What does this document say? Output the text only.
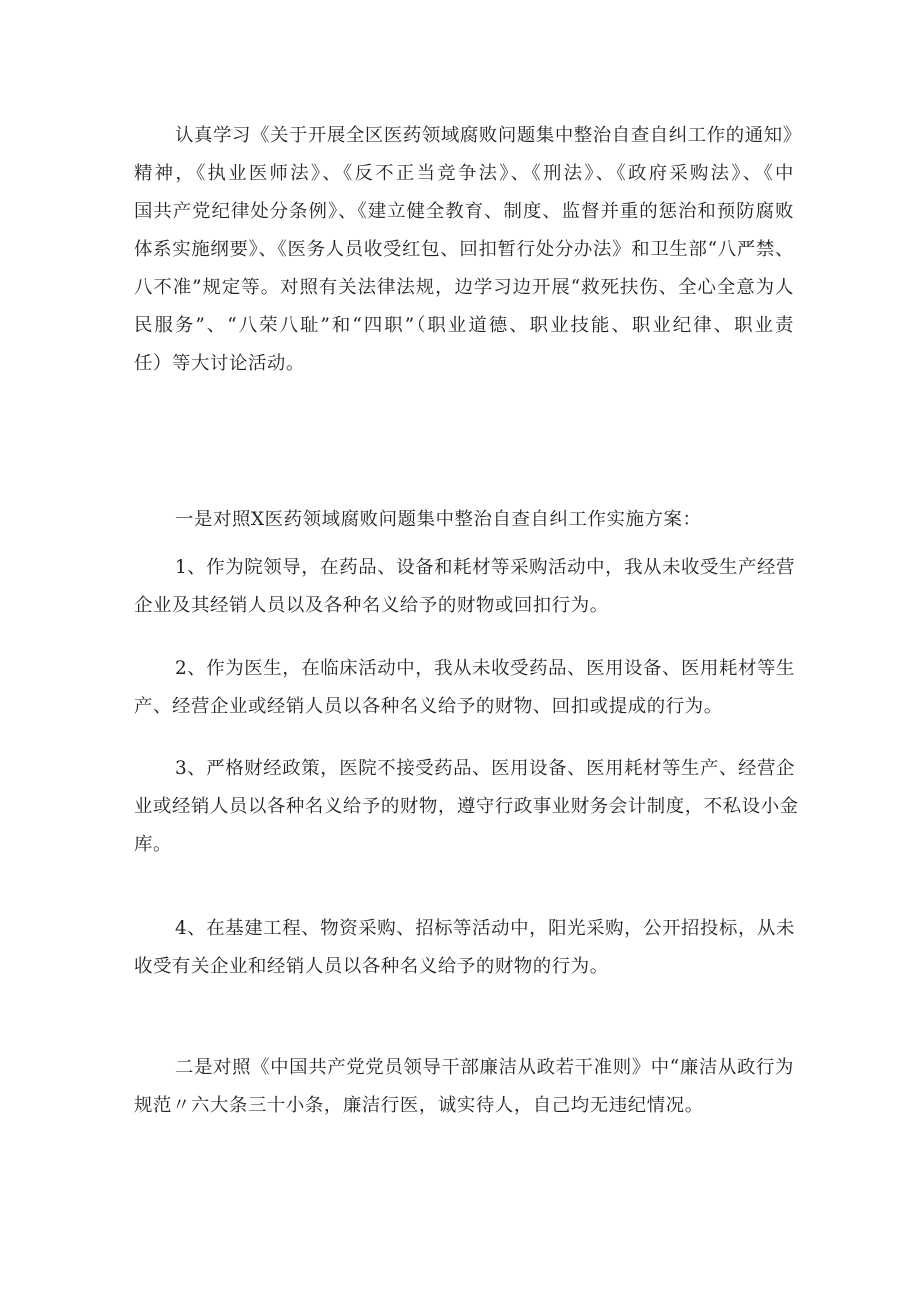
认真学习《关于开展全区医药领域腐败问题集中整治自查自纠工作的通知》
精神，《执业医师法》、《反不正当竞争法》、《刑法》、《政府采购法》、《中
国共产党纪律处分条例》、《建立健全教育、制度、监督并重的惩治和预防腐败
体系实施纲要》、《医务人员收受红包、回扣暂行处分办法》和卫生部“八严禁、
八不准”规定等。对照有关法律法规，边学习边开展“救死扶伤、全心全意为人
民服务”、“八荣八耻”和“四职”（职业道德、职业技能、职业纪律、职业责
任）等大讨论活动。
一是对照X医药领域腐败问题集中整治自查自纠工作实施方案：
1、作为院领导，在药品、设备和耗材等采购活动中，我从未收受生产经营
企业及其经销人员以及各种名义给予的财物或回扣行为。
2、作为医生，在临床活动中，我从未收受药品、医用设备、医用耗材等生
产、经营企业或经销人员以各种名义给予的财物、回扣或提成的行为。
3、严格财经政策，医院不接受药品、医用设备、医用耗材等生产、经营企
业或经销人员以各种名义给予的财物，遵守行政事业财务会计制度，不私设小金
库。
4、在基建工程、物资采购、招标等活动中，阳光采购，公开招投标，从未
收受有关企业和经销人员以各种名义给予的财物的行为。
二是对照《中国共产党党员领导干部廉洁从政若干准则》中“廉洁从政行为
规范〃六大条三十小条，廉洁行医，诚实待人，自己均无违纪情况。
